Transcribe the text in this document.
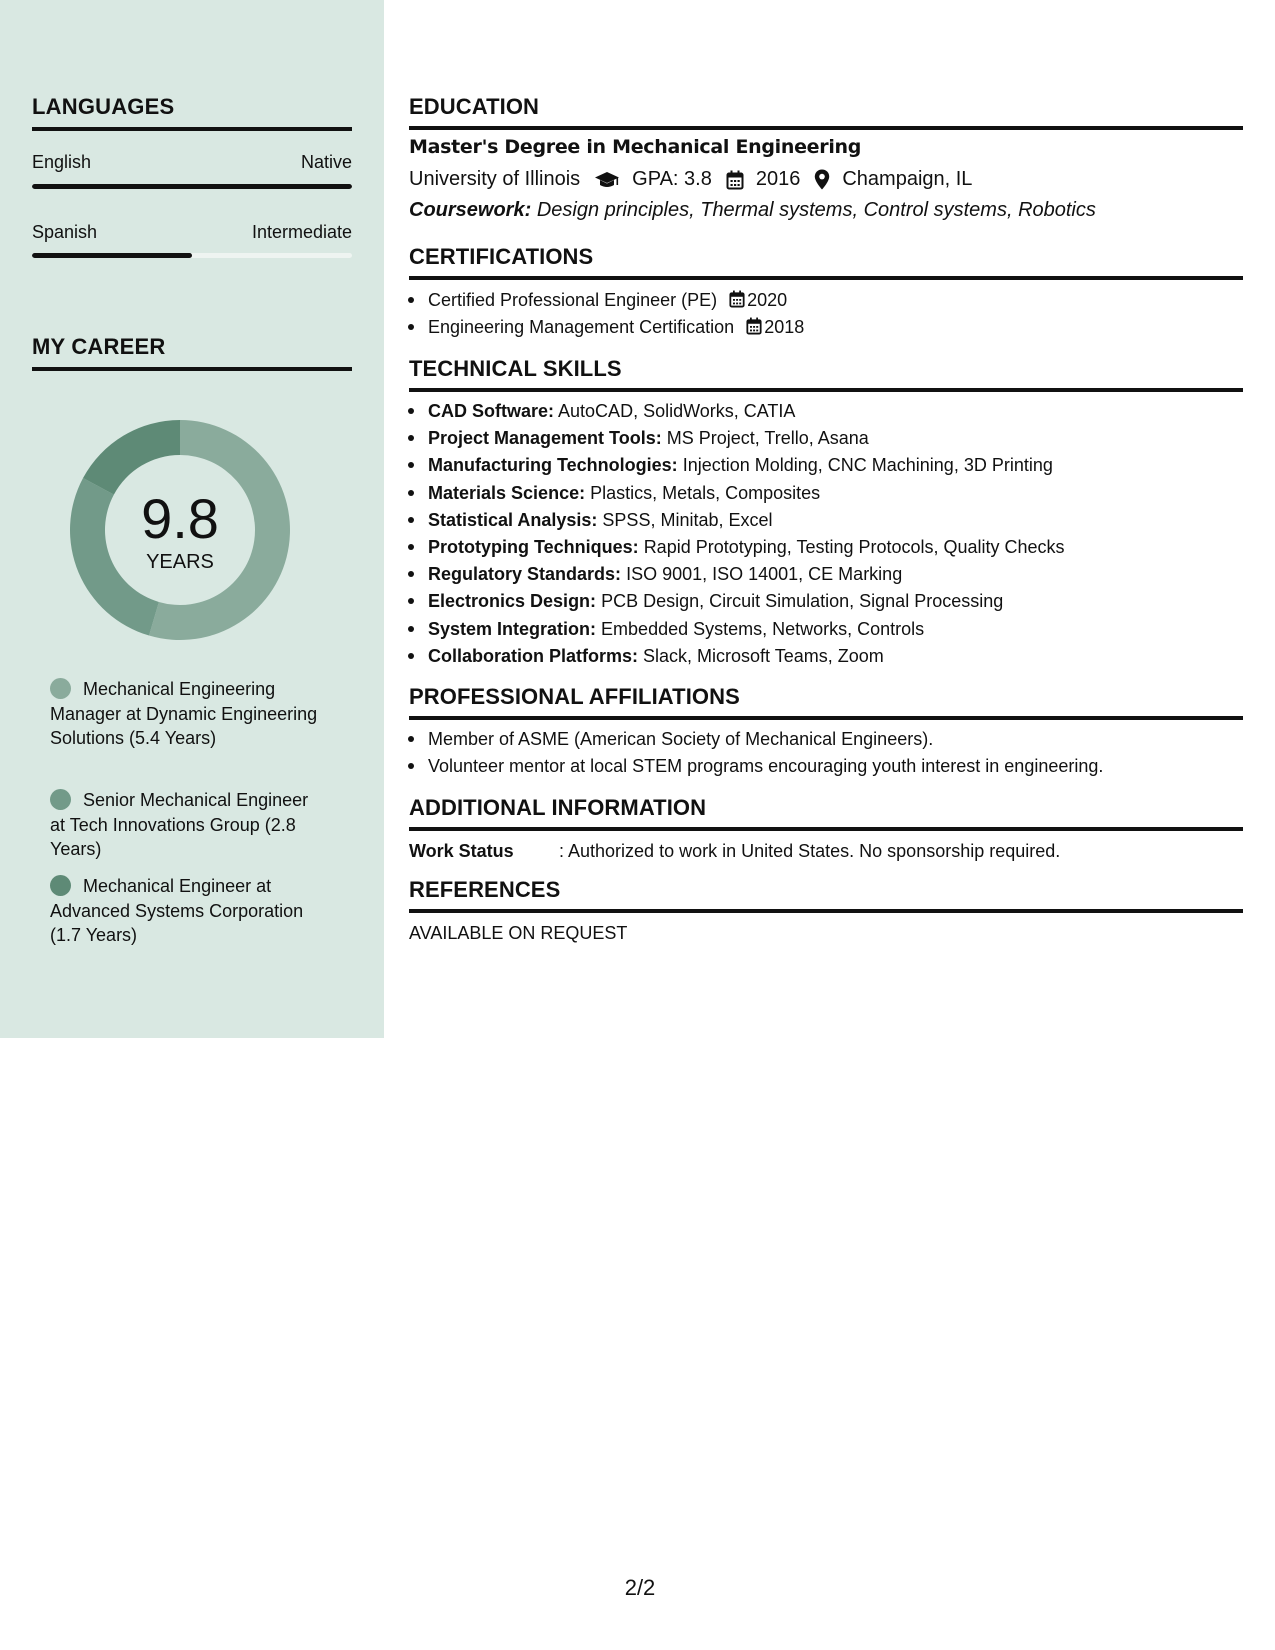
LANGUAGES
English	Native
Spanish	Intermediate
MY CAREER
9.8
YEARS
Mechanical Engineering Manager at Dynamic Engineering Solutions (5.4 Years)
Senior Mechanical Engineer at Tech Innovations Group (2.8 Years)
Mechanical Engineer at Advanced Systems Corporation (1.7 Years)
EDUCATION
Master's Degree in Mechanical Engineering
University of Illinois	GPA: 3.8 2016 Champaign, IL
Coursework: Design principles, Thermal systems, Control systems, Robotics
CERTIFICATIONS
Certified Professional Engineer (PE) 2020
Engineering Management Certification 2018
TECHNICAL SKILLS
CAD Software: AutoCAD, SolidWorks, CATIA
Project Management Tools: MS Project, Trello, Asana
Manufacturing Technologies: Injection Molding, CNC Machining, 3D Printing
Materials Science: Plastics, Metals, Composites
Statistical Analysis: SPSS, Minitab, Excel
Prototyping Techniques: Rapid Prototyping, Testing Protocols, Quality Checks
Regulatory Standards: ISO 9001, ISO 14001, CE Marking
Electronics Design: PCB Design, Circuit Simulation, Signal Processing
System Integration: Embedded Systems, Networks, Controls
Collaboration Platforms: Slack, Microsoft Teams, Zoom
PROFESSIONAL AFFILIATIONS
Member of ASME (American Society of Mechanical Engineers).
Volunteer mentor at local STEM programs encouraging youth interest in engineering.
ADDITIONAL INFORMATION
Work Status	: Authorized to work in United States. No sponsorship required.
REFERENCES
AVAILABLE ON REQUEST
2/2
